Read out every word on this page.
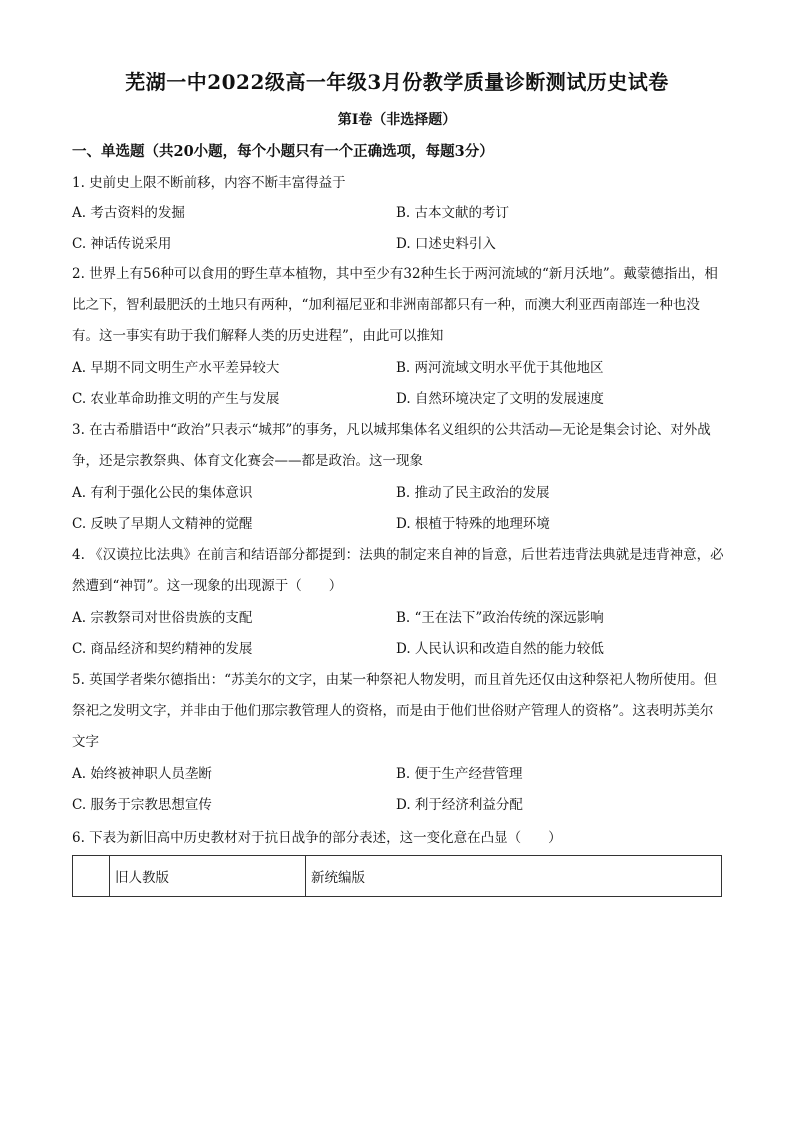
芜湖一中2022级高一年级3月份教学质量诊断测试历史试卷
第Ⅰ卷（非选择题）
一、单选题（共20小题，每个小题只有一个正确选项，每题3分）
1. 史前史上限不断前移，内容不断丰富得益于
A. 考古资料的发掘	B. 古本文献的考订
C. 神话传说采用	D. 口述史料引入
2. 世界上有56种可以食用的野生草本植物，其中至少有32种生长于两河流域的“新月沃地”。戴蒙德指出，相比之下，智利最肥沃的土地只有两种，“加利福尼亚和非洲南部都只有一种，而澳大利亚西南部连一种也没有。这一事实有助于我们解释人类的历史进程”，由此可以推知
A. 早期不同文明生产水平差异较大	B. 两河流域文明水平优于其他地区
C. 农业革命助推文明的产生与发展	D. 自然环境决定了文明的发展速度
3. 在古希腊语中“政治”只表示“城邦”的事务，凡以城邦集体名义组织的公共活动—无论是集会讨论、对外战争，还是宗教祭典、体育文化赛会——都是政治。这一现象
A. 有利于强化公民的集体意识	B. 推动了民主政治的发展
C. 反映了早期人文精神的觉醒	D. 根植于特殊的地理环境
4. 《汉谟拉比法典》在前言和结语部分都提到：法典的制定来自神的旨意，后世若违背法典就是违背神意，必然遭到“神罚”。这一现象的出现源于（　　）
A. 宗教祭司对世俗贵族的支配	B. “王在法下”政治传统的深远影响
C. 商品经济和契约精神的发展	D. 人民认识和改造自然的能力较低
5. 英国学者柴尔德指出：“苏美尔的文字，由某一种祭祀人物发明，而且首先还仅由这种祭祀人物所使用。但祭祀之发明文字，并非由于他们那宗教管理人的资格，而是由于他们世俗财产管理人的资格”。这表明苏美尔文字
A. 始终被神职人员垄断	B. 便于生产经营管理
C. 服务于宗教思想宣传	D. 利于经济利益分配
6. 下表为新旧高中历史教材对于抗日战争的部分表述，这一变化意在凸显（　　）
	旧人教版	新统编版
